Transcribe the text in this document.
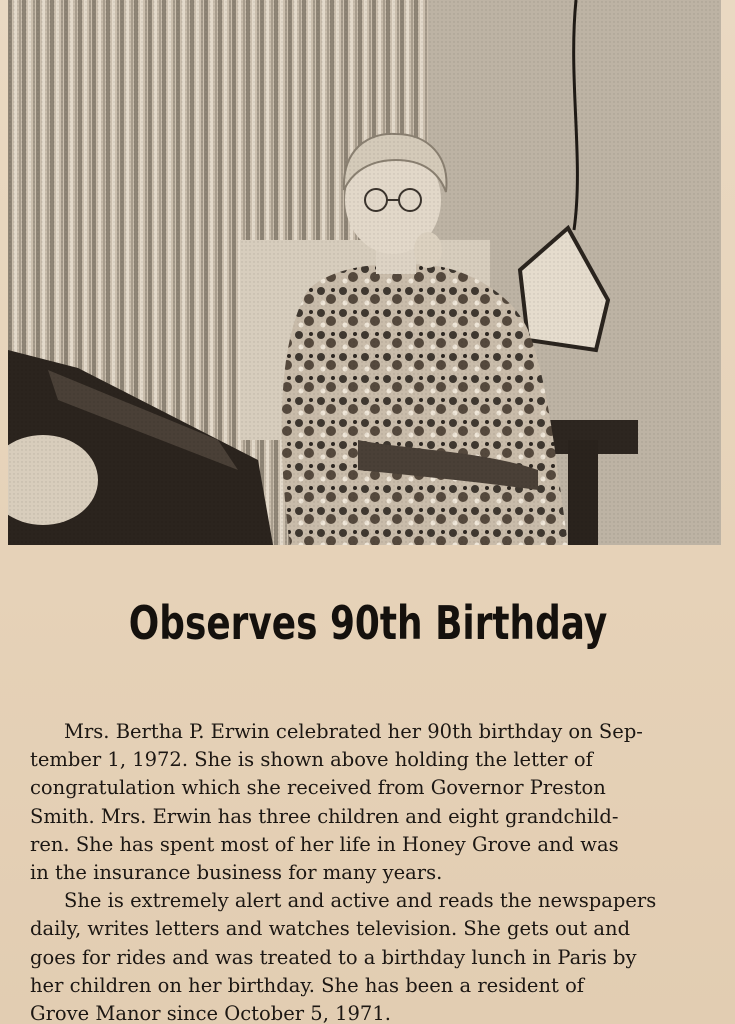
Observes 90th Birthday

Mrs. Bertha P. Erwin celebrated her 90th birthday on Sep-
tember 1, 1972. She is shown above holding the letter of
congratulation which she received from Governor Preston
Smith. Mrs. Erwin has three children and eight grandchild-
ren. She has spent most of her life in Honey Grove and was
in the insurance business for many years.

She is extremely alert and active and reads the newspapers
daily, writes letters and watches television. She gets out and
goes for rides and was treated to a birthday lunch in Paris by
her children on her birthday. She has been a resident of
Grove Manor since October 5, 1971.
